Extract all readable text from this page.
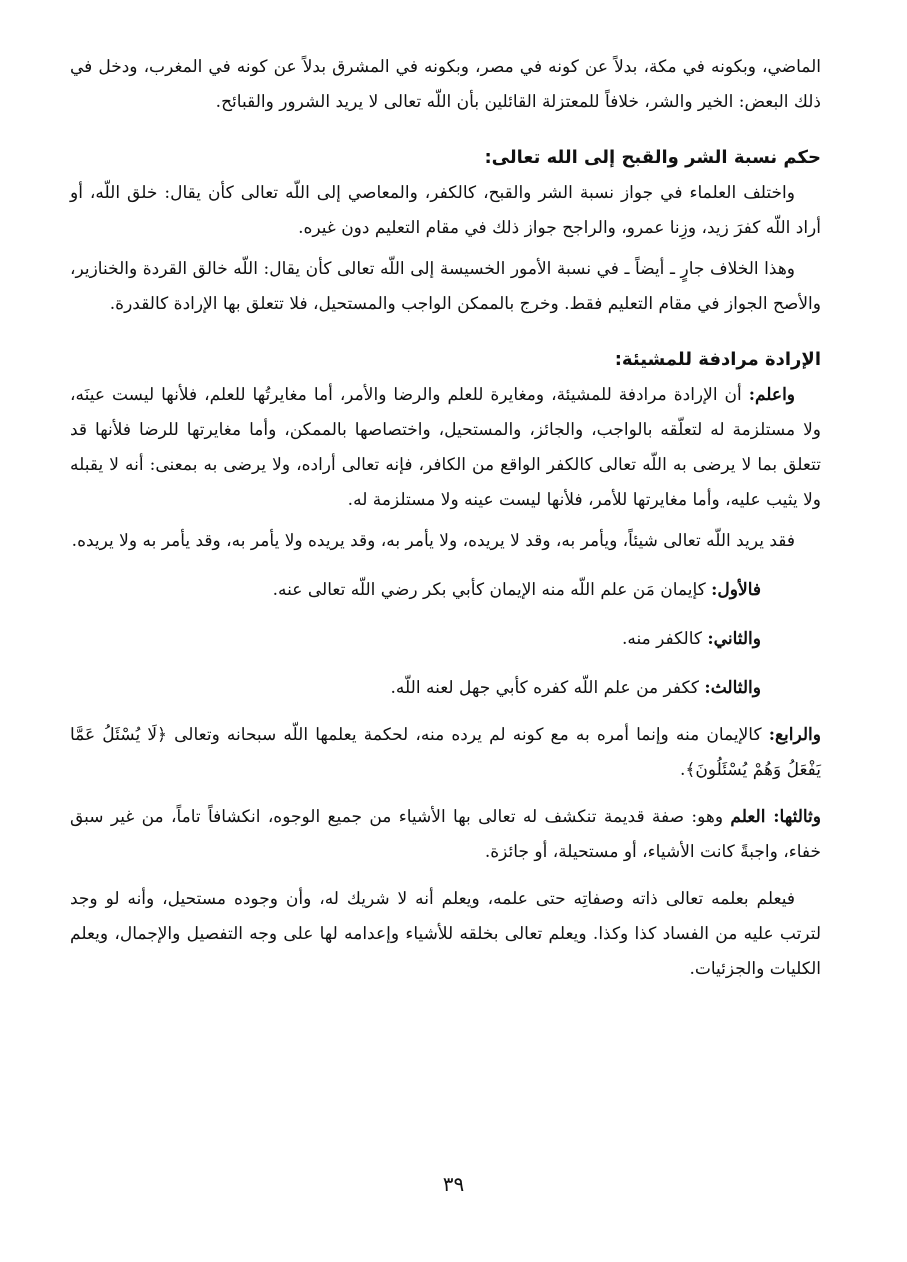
الماضي، وبكونه في مكة، بدلاً عن كونه في مصر، وبكونه في المشرق بدلاً عن كونه في المغرب، ودخل في ذلك البعض: الخير والشر، خلافاً للمعتزلة القائلين بأن اللّه تعالى لا يريد الشرور والقبائح.

حكم نسبة الشر والقبح إلى الله تعالى:

واختلف العلماء في جواز نسبة الشر والقبح، كالكفر، والمعاصي إلى اللّه تعالى كأن يقال: خلق اللّه، أو أراد اللّه كفرَ زيد، وزِنا عمرو، والراجح جواز ذلك في مقام التعليم دون غيره.

وهذا الخلاف جارٍ ـ أيضاً ـ في نسبة الأمور الخسيسة إلى اللّه تعالى كأن يقال: اللّه خالق القردة والخنازير، والأصح الجواز في مقام التعليم فقط. وخرج بالممكن الواجب والمستحيل، فلا تتعلق بها الإرادة كالقدرة.

الإرادة مرادفة للمشيئة:

واعلم: أن الإرادة مرادفة للمشيئة، ومغايرة للعلم والرضا والأمر، أما مغايرتُها للعلم، فلأنها ليست عينَه، ولا مستلزمة له لتعلّقه بالواجب، والجائز، والمستحيل، واختصاصها بالممكن، وأما مغايرتها للرضا فلأنها قد تتعلق بما لا يرضى به اللّه تعالى كالكفر الواقع من الكافر، فإنه تعالى أراده، ولا يرضى به بمعنى: أنه لا يقبله ولا يثيب عليه، وأما مغايرتها للأمر، فلأنها ليست عينه ولا مستلزمة له.

فقد يريد اللّه تعالى شيئاً، ويأمر به، وقد لا يريده، ولا يأمر به، وقد يريده ولا يأمر به، وقد يأمر به ولا يريده.

فالأول: كإيمان مَن علم اللّه منه الإيمان كأبي بكر رضي اللّه تعالى عنه.

والثاني: كالكفر منه.

والثالث: ككفر من علم اللّه كفره كأبي جهل لعنه اللّه.

والرابع: كالإيمان منه وإنما أمره به مع كونه لم يرده منه، لحكمة يعلمها اللّه سبحانه وتعالى ﴿لَا يُسْئَلُ عَمَّا يَفْعَلُ وَهُمْ يُسْئَلُونَ﴾.

وثالثها: العلم وهو: صفة قديمة تنكشف له تعالى بها الأشياء من جميع الوجوه، انكشافاً تاماً، من غير سبق خفاء، واجبةً كانت الأشياء، أو مستحيلة، أو جائزة.

فيعلم بعلمه تعالى ذاته وصفاتِه حتى علمه، ويعلم أنه لا شريك له، وأن وجوده مستحيل، وأنه لو وجد لترتب عليه من الفساد كذا وكذا. ويعلم تعالى بخلقه للأشياء وإعدامه لها على وجه التفصيل والإجمال، ويعلم الكليات والجزئيات.

٣٩
